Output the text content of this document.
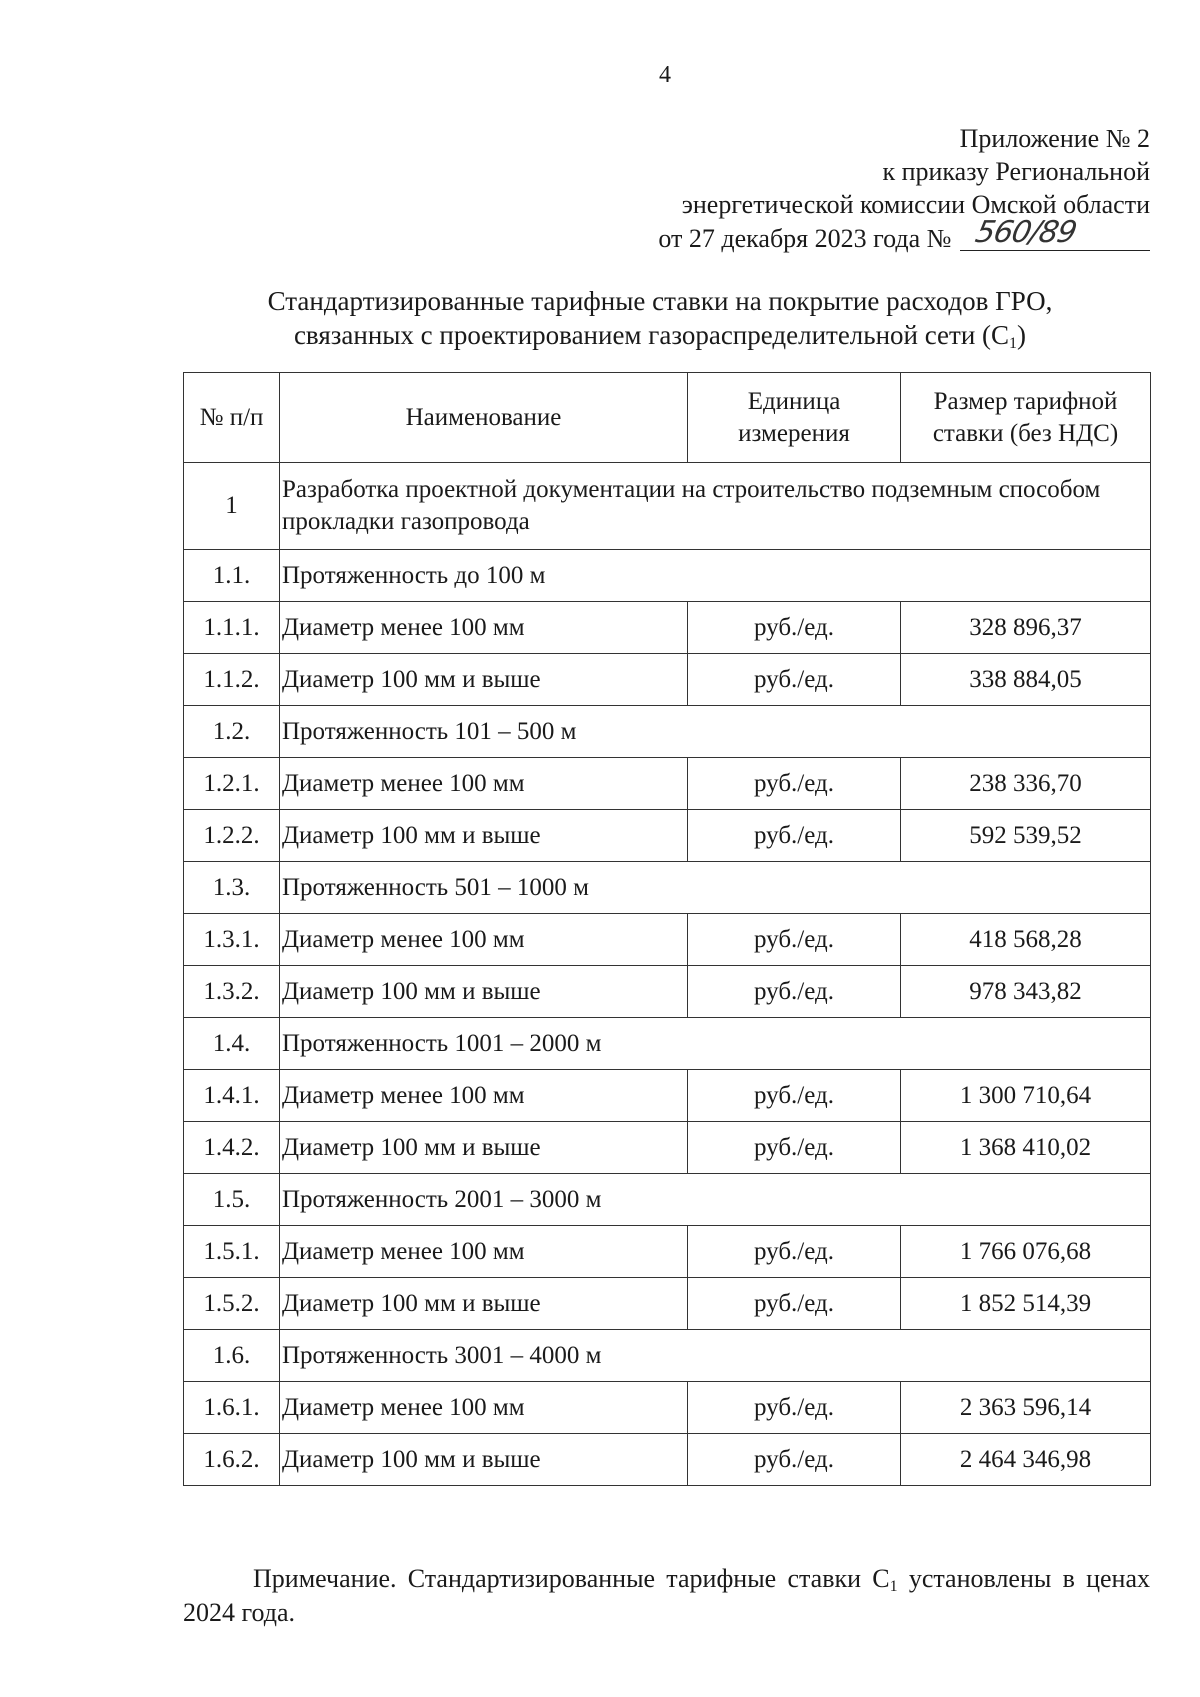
4
Приложение № 2
к приказу Региональной
энергетической комиссии Омской области
от 27 декабря 2023 года № 560/89
Стандартизированные тарифные ставки на покрытие расходов ГРО,
связанных с проектированием газораспределительной сети $(С_1)$
№ п/п	Наименование	Единица измерения	Размер тарифной ставки (без НДС)
1	Разработка проектной документации на строительство подземным способом прокладки газопровода		
1.1.	Протяженность до 100 м		
1.1.1.	Диаметр менее 100 мм	руб./ед.	328 896,37
1.1.2.	Диаметр 100 мм и выше	руб./ед.	338 884,05
1.2.	Протяженность 101 – 500 м		
1.2.1.	Диаметр менее 100 мм	руб./ед.	238 336,70
1.2.2.	Диаметр 100 мм и выше	руб./ед.	592 539,52
1.3.	Протяженность 501 – 1000 м		
1.3.1.	Диаметр менее 100 мм	руб./ед.	418 568,28
1.3.2.	Диаметр 100 мм и выше	руб./ед.	978 343,82
1.4.	Протяженность 1001 – 2000 м		
1.4.1.	Диаметр менее 100 мм	руб./ед.	1 300 710,64
1.4.2.	Диаметр 100 мм и выше	руб./ед.	1 368 410,02
1.5.	Протяженность 2001 – 3000 м		
1.5.1.	Диаметр менее 100 мм	руб./ед.	1 766 076,68
1.5.2.	Диаметр 100 мм и выше	руб./ед.	1 852 514,39
1.6.	Протяженность 3001 – 4000 м		
1.6.1.	Диаметр менее 100 мм	руб./ед.	2 363 596,14
1.6.2.	Диаметр 100 мм и выше	руб./ед.	2 464 346,98
Примечание. Стандартизированные тарифные ставки $С_1$ установлены в ценах 2024 года.
